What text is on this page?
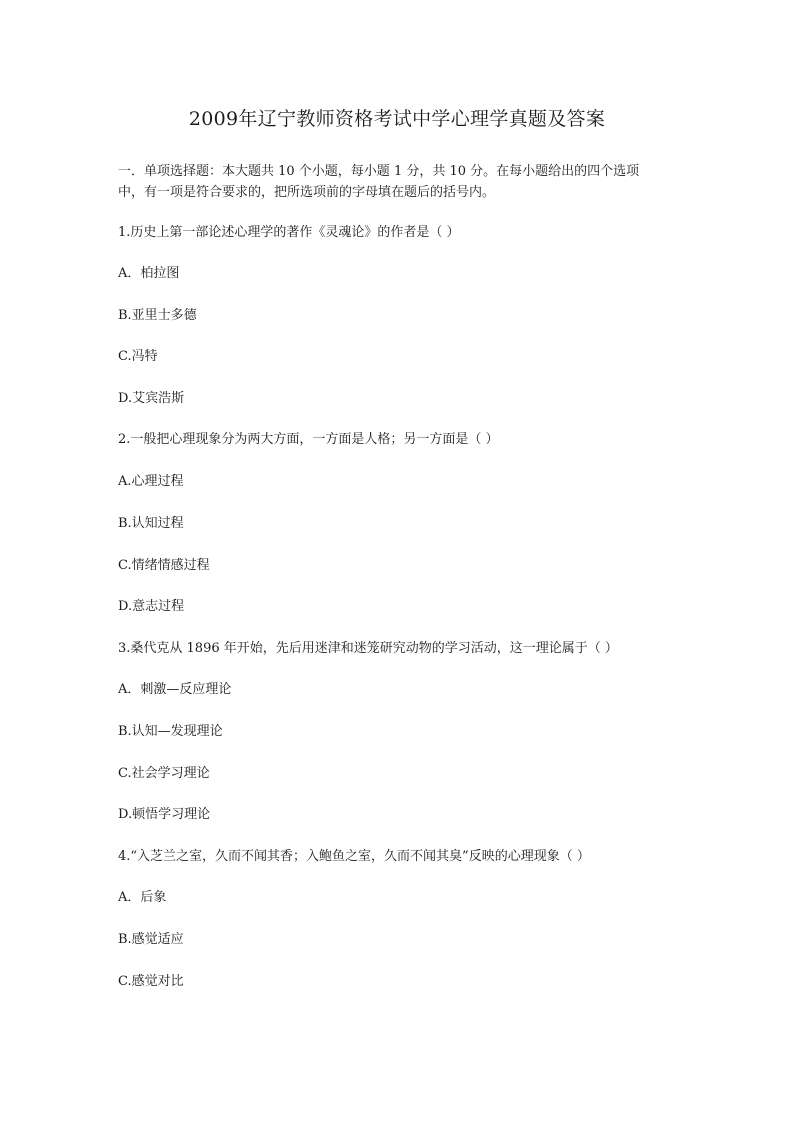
2009年辽宁教师资格考试中学心理学真题及答案
一．单项选择题：本大题共 10 个小题，每小题 1 分，共 10 分。在每小题给出的四个选项
中，有一项是符合要求的，把所选项前的字母填在题后的括号内。
1.历史上第一部论述心理学的著作《灵魂论》的作者是（ ）
A．柏拉图
B.亚里士多德
C.冯特
D.艾宾浩斯
2.一般把心理现象分为两大方面，一方面是人格；另一方面是（ ）
A.心理过程
B.认知过程
C.情绪情感过程
D.意志过程
3.桑代克从 1896 年开始，先后用迷津和迷笼研究动物的学习活动，这一理论属于（ ）
A．刺激—反应理论
B.认知—发现理论
C.社会学习理论
D.顿悟学习理论
4.“入芝兰之室，久而不闻其香；入鲍鱼之室，久而不闻其臭”反映的心理现象（ ）
A．后象
B.感觉适应
C.感觉对比
